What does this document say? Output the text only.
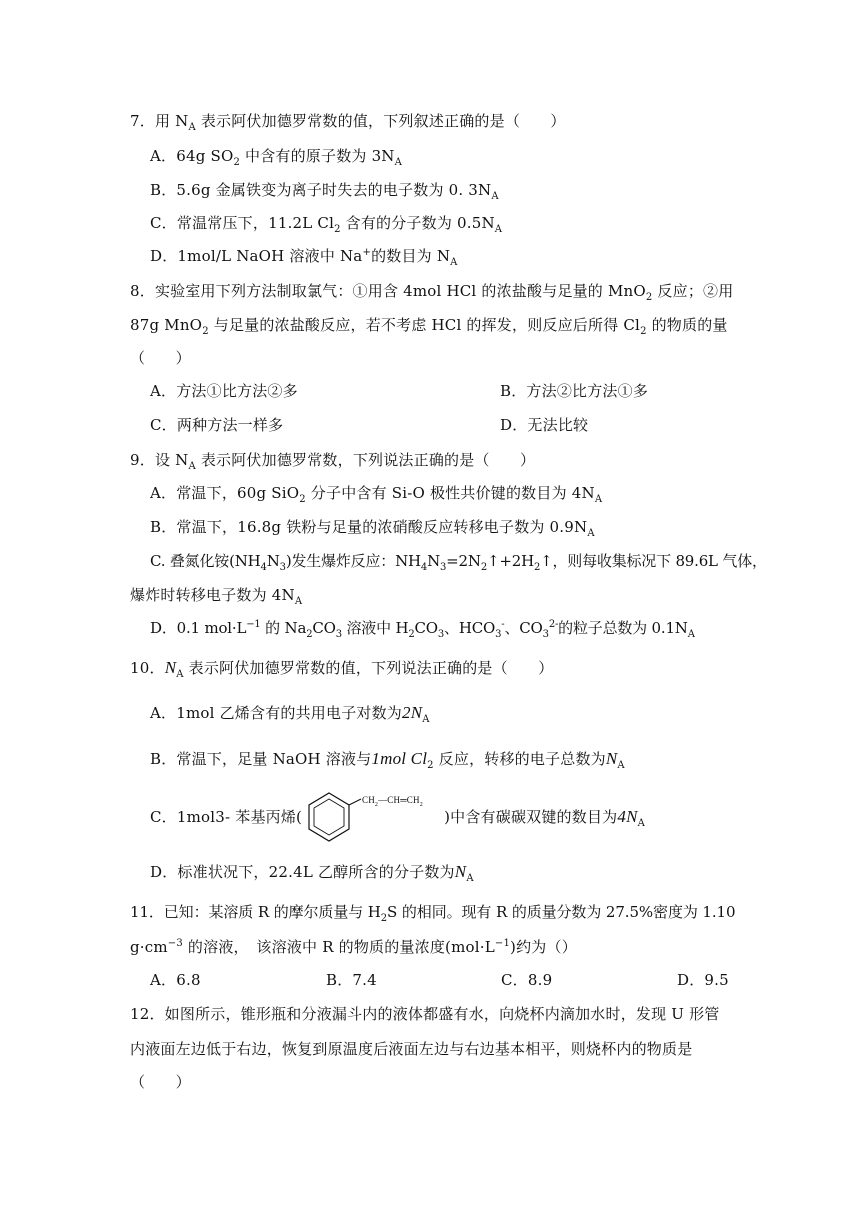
7．用 $N_A$ 表示阿伏加德罗常数的值，下列叙述正确的是（　　）
A．64g $SO_2$ 中含有的原子数为 $3N_A$
B．5.6g 金属铁变为离子时失去的电子数为 0. $3N_A$
C．常温常压下，11.2L $Cl_2$ 含有的分子数为 $0.5N_A$
D．1mol/L NaOH 溶液中 Na+的数目为 $N_A$
8．实验室用下列方法制取氯气：①用含 4mol HCl 的浓盐酸与足量的 MnO$_2$ 反应；②用
87g MnO$_2$ 与足量的浓盐酸反应，若不考虑 HCl 的挥发，则反应后所得 $Cl_2$ 的物质的量
（　　）
A．方法①比方法②多	B．方法②比方法①多
C．两种方法一样多	D．无法比较
9．设 $N_A$ 表示阿伏加德罗常数，下列说法正确的是（　　）
A．常温下，60g SiO$_2$ 分子中含有 Si-O 极性共价键的数目为 $4N_A$
B．常温下，16.8g 铁粉与足量的浓硝酸反应转移电子数为 $0.9N_A$
C. 叠氮化铵$(NH_4N_3)$发生爆炸反应：$NH_4N_3=2N_2↑+2H_2↑$，则每收集标况下 89.6L 气体，
爆炸时转移电子数为 $4N_A$
D．0.1 $mol\cdot L^{-1}$ 的 $Na_2CO_3$ 溶液中 $H_2CO_3$、$HCO_3^-$、$CO_3^{2-}$的粒子总数为 $0.1N_A$
10．$N_A$ 表示阿伏加德罗常数的值，下列说法正确的是（　　）
A．1mol 乙烯含有的共用电子对数为$2N_A$
B．常温下，足量 NaOH 溶液与1mol $Cl_2$ 反应，转移的电子总数为$N_A$
C．1mol3- 苯基丙烯(
$CH_2—CH═CH_2$
)中含有碳碳双键的数目为$4N_A$
D．标准状况下，22.4L 乙醇所含的分子数为$N_A$
11．已知：某溶质 R 的摩尔质量与 $H_2S$ 的相同。现有 R 的质量分数为 27.5%密度为 1.10
$g\cdot cm^{-3}$ 的溶液，　该溶液中 R 的物质的量浓度$(mol\cdot L^{-1})$约为（）
A．6.8	B．7.4	C．8.9	D．9.5
12．如图所示，锥形瓶和分液漏斗内的液体都盛有水，向烧杯内滴加水时，发现 U 形管
内液面左边低于右边，恢复到原温度后液面左边与右边基本相平，则烧杯内的物质是
（　　）
